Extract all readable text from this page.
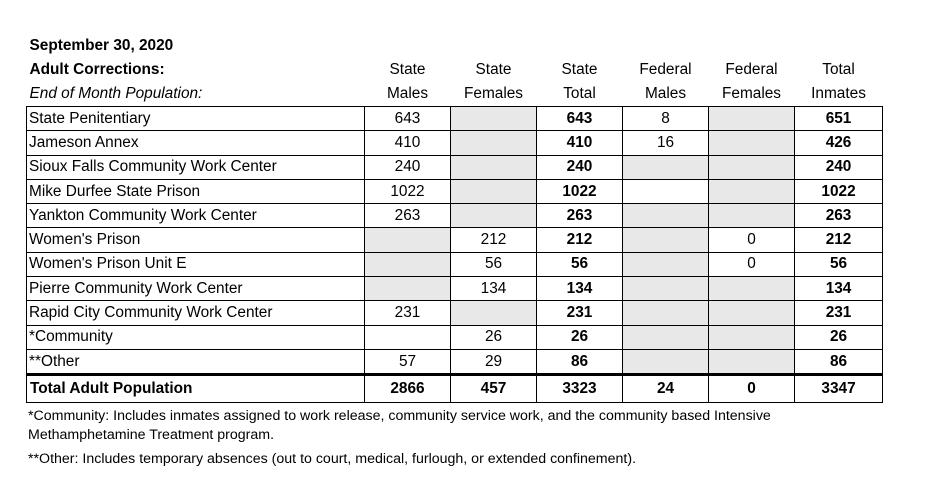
September 30, 2020						
Adult Corrections:	State	State	State	Federal	Federal	Total
End of Month Population:	Males	Females	Total	Males	Females	Inmates
State Penitentiary	643		643	8		651
Jameson Annex	410		410	16		426
Sioux Falls Community Work Center	240		240			240
Mike Durfee State Prison	1022		1022			1022
Yankton Community Work Center	263		263			263
Women's Prison		212	212		0	212
Women's Prison Unit E		56	56		0	56
Pierre Community Work Center		134	134			134
Rapid City Community Work Center	231		231			231
*Community		26	26			26
**Other	57	29	86			86
Total Adult Population	2866	457	3323	24	0	3347

*Community: Includes inmates assigned to work release, community service work, and the community based Intensive Methamphetamine Treatment program.

**Other: Includes temporary absences (out to court, medical, furlough, or extended confinement).
